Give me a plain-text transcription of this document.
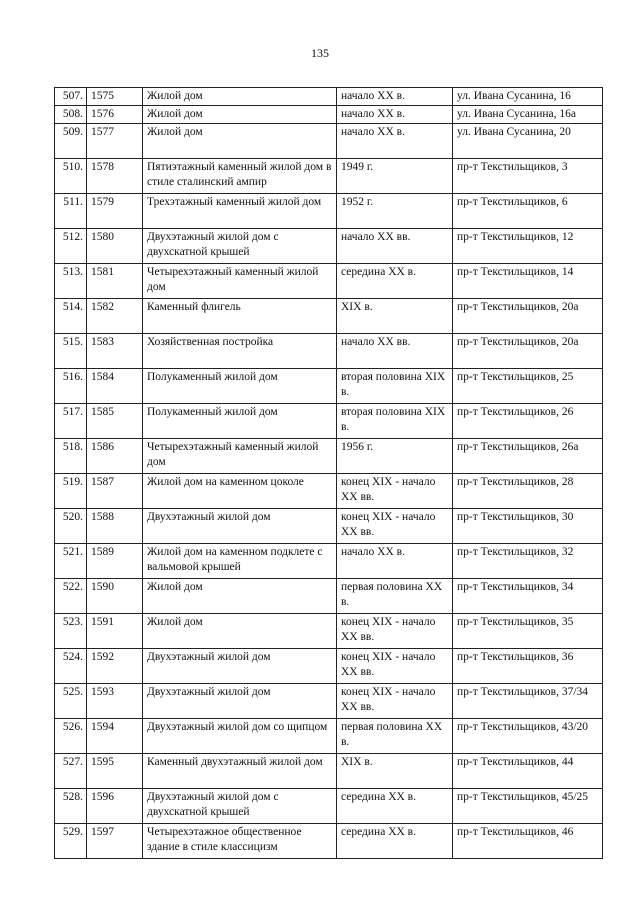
135
507.	1575	Жилой дом	начало XX в.	ул. Ивана Сусанина, 16
508.	1576	Жилой дом	начало XX в.	ул. Ивана Сусанина, 16а
509.	1577	Жилой дом	начало XX в.	ул. Ивана Сусанина, 20
510.	1578	Пятиэтажный каменный жилой дом в стиле сталинский ампир	1949 г.	пр-т Текстильщиков, 3
511.	1579	Трехэтажный каменный жилой дом	1952 г.	пр-т Текстильщиков, 6
512.	1580	Двухэтажный жилой дом с двухскатной крышей	начало XX вв.	пр-т Текстильщиков, 12
513.	1581	Четырехэтажный каменный жилой дом	середина XX в.	пр-т Текстильщиков, 14
514.	1582	Каменный флигель	XIX в.	пр-т Текстильщиков, 20а
515.	1583	Хозяйственная постройка	начало XX вв.	пр-т Текстильщиков, 20а
516.	1584	Полукаменный жилой дом	вторая половина XIX в.	пр-т Текстильщиков, 25
517.	1585	Полукаменный жилой дом	вторая половина XIX в.	пр-т Текстильщиков, 26
518.	1586	Четырехэтажный каменный жилой дом	1956 г.	пр-т Текстильщиков, 26а
519.	1587	Жилой дом на каменном цоколе	конец XIX - начало XX вв.	пр-т Текстильщиков, 28
520.	1588	Двухэтажный жилой дом	конец XIX - начало XX вв.	пр-т Текстильщиков, 30
521.	1589	Жилой дом на каменном подклете с вальмовой крышей	начало XX в.	пр-т Текстильщиков, 32
522.	1590	Жилой дом	первая половина XX в.	пр-т Текстильщиков, 34
523.	1591	Жилой дом	конец XIX - начало XX вв.	пр-т Текстильщиков, 35
524.	1592	Двухэтажный жилой дом	конец XIX - начало XX вв.	пр-т Текстильщиков, 36
525.	1593	Двухэтажный жилой дом	конец XIX - начало XX вв.	пр-т Текстильщиков, 37/34
526.	1594	Двухэтажный жилой дом со щипцом	первая половина XX в.	пр-т Текстильщиков, 43/20
527.	1595	Каменный двухэтажный жилой дом	XIX в.	пр-т Текстильщиков, 44
528.	1596	Двухэтажный жилой дом с двухскатной крышей	середина XX в.	пр-т Текстильщиков, 45/25
529.	1597	Четырехэтажное общественное здание в стиле классицизм	середина XX в.	пр-т Текстильщиков, 46
